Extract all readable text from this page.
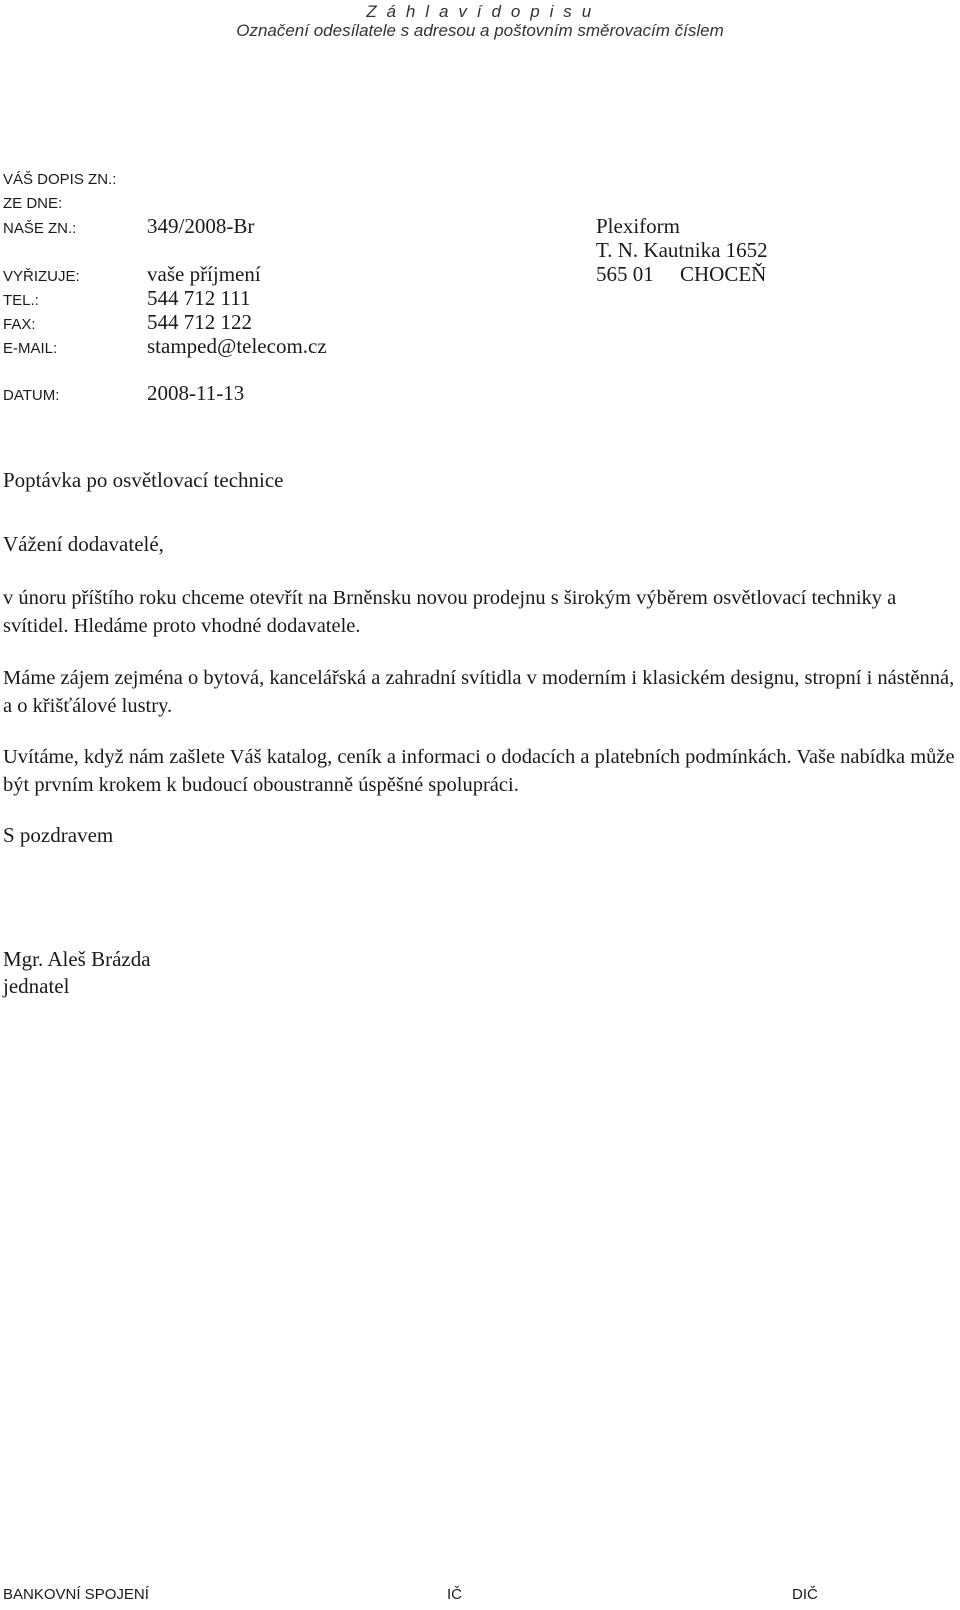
Z á h l a v í d o p i s u
Označení odesílatele s adresou a poštovním směrovacím číslem
VÁŠ DOPIS ZN.:
ZE DNE:
NAŠE ZN.:	349/2008-Br
VYŘIZUJE:	vaše příjmení
TEL.:	544 712 111
FAX:	544 712 122
E-MAIL:	stamped@telecom.cz
DATUM:	2008-11-13
Plexiform
T. N. Kautnika 1652
565 01     CHOCEŇ
Poptávka po osvětlovací technice
Vážení dodavatelé,
v únoru příštího roku chceme otevřít na Brněnsku novou prodejnu s širokým výběrem osvětlovací techniky a svítidel. Hledáme proto vhodné dodavatele.
Máme zájem zejména o bytová, kancelářská a zahradní svítidla v moderním i klasickém designu, stropní i nástěnná, a o křišťálové lustry.
Uvítáme, když nám zašlete Váš katalog, ceník a informaci o dodacích a platebních podmínkách. Vaše nabídka může být prvním krokem k budoucí oboustranně úspěšné spolupráci.
S pozdravem
Mgr. Aleš Brázda
jednatel
BANKOVNÍ SPOJENÍ	IČ	DIČ
